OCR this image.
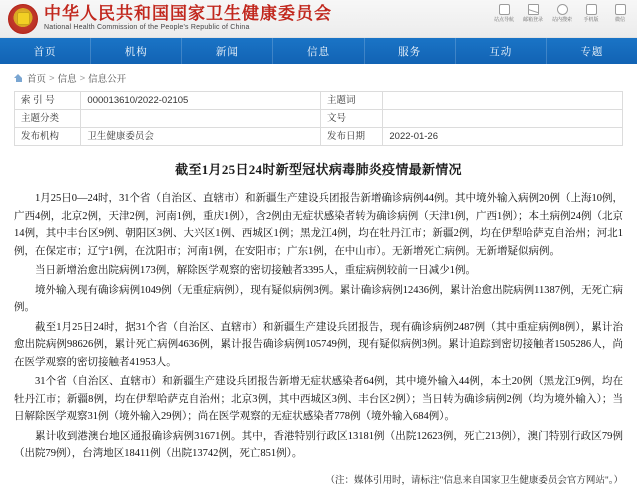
中华人民共和国国家卫生健康委员会
National Health Commission of the People's Republic of China
站点导航 邮箱登录 站内搜索 手机版	微信
首页	机构	新闻	信息	服务	互动	专题
首页 > 信息 > 信息公开
索 引 号	000013610/2022-02105	主题词	
主题分类		文号	
发布机构	卫生健康委员会	发布日期	2022-01-26
截至1月25日24时新型冠状病毒肺炎疫情最新情况

1月25日0—24时，31个省（自治区、直辖市）和新疆生产建设兵团报告新增确诊病例44例。其中境外输入病例20例（上海10例，广西4例，北京2例，天津2例，河南1例，重庆1例），含2例由无症状感染者转为确诊病例（天津1例，广西1例）；本土病例24例（北京14例，其中丰台区9例、朝阳区3例、大兴区1例、西城区1例；黑龙江4例，均在牡丹江市；新疆2例，均在伊犁哈萨克自治州；河北1例，在保定市；辽宁1例，在沈阳市；河南1例，在安阳市；广东1例，在中山市）。无新增死亡病例。无新增疑似病例。

当日新增治愈出院病例173例，解除医学观察的密切接触者3395人，重症病例较前一日减少1例。

境外输入现有确诊病例1049例（无重症病例），现有疑似病例3例。累计确诊病例12436例，累计治愈出院病例11387例，无死亡病例。

截至1月25日24时，据31个省（自治区、直辖市）和新疆生产建设兵团报告，现有确诊病例2487例（其中重症病例8例），累计治愈出院病例98626例，累计死亡病例4636例，累计报告确诊病例105749例，现有疑似病例3例。累计追踪到密切接触者1505286人，尚在医学观察的密切接触者41953人。

31个省（自治区、直辖市）和新疆生产建设兵团报告新增无症状感染者64例，其中境外输入44例，本土20例（黑龙江9例，均在牡丹江市；新疆8例，均在伊犁哈萨克自治州；北京3例，其中西城区3例、丰台区2例）；当日转为确诊病例2例（均为境外输入）；当日解除医学观察31例（境外输入29例）；尚在医学观察的无症状感染者778例（境外输入684例）。

累计收到港澳台地区通报确诊病例31671例。其中，香港特别行政区13181例（出院12623例，死亡213例），澳门特别行政区79例（出院79例），台湾地区18411例（出院13742例，死亡851例）。

（注：媒体引用时，请标注"信息来自国家卫生健康委员会官方网站"。）
